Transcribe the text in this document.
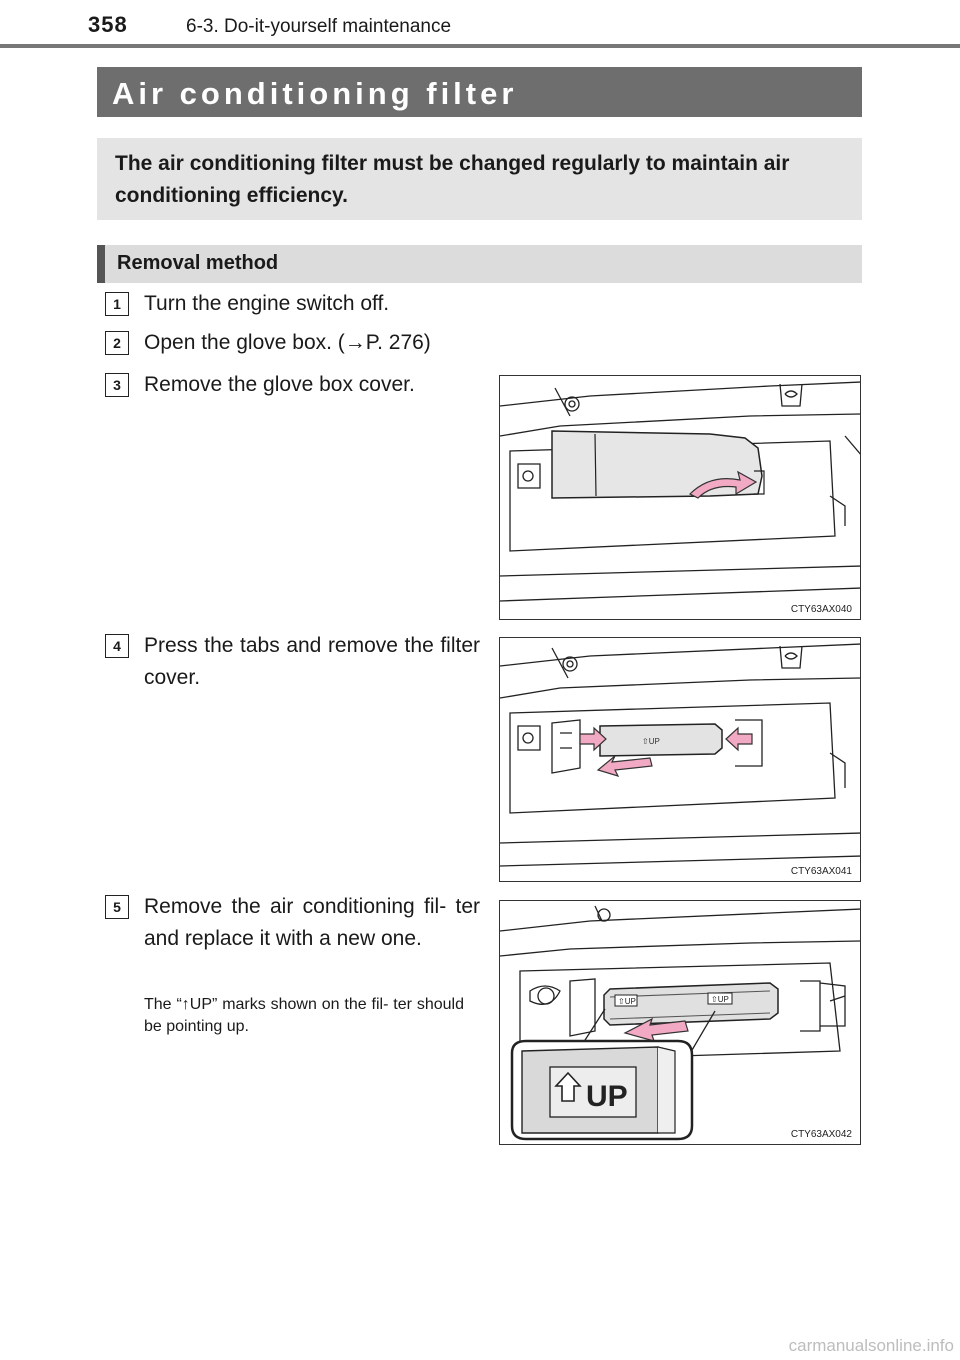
358	6-3. Do-it-yourself maintenance
Air conditioning filter
The air conditioning filter must be changed regularly to maintain air conditioning efficiency.
Removal method
1	Turn the engine switch off.
2	Open the glove box. (→P. 276)
3	Remove the glove box cover.
4	Press the tabs and remove the filter cover.
5	Remove the air conditioning fil- ter and replace it with a new one.
The “↑UP” marks shown on the fil- ter should be pointing up.
CTY63AX040
⇧UP
CTY63AX041
⇧UP	⇧UP
UP
CTY63AX042
carmanualsonline.info
